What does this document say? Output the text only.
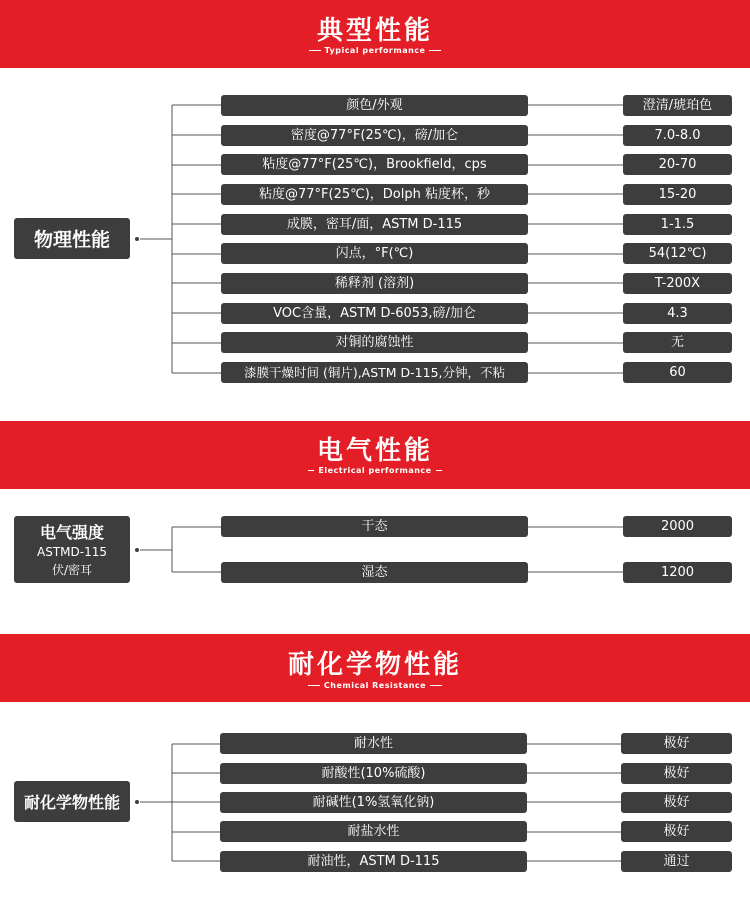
典型性能
Typical performance
物理性能
颜色/外观	澄清/琥珀色
密度@77°F(25℃)，磅/加仑	7.0-8.0
粘度@77°F(25℃)，Brookfield，cps	20-70
粘度@77°F(25℃)，Dolph 粘度杯，秒	15-20
成膜，密耳/面，ASTM D-115	1-1.5
闪点，°F(℃)	54(12℃)
稀释剂 (溶剂)	T-200X
VOC含量，ASTM D-6053,磅/加仑	4.3
对铜的腐蚀性	无
漆膜干燥时间 (铜片),ASTM D-115,分钟，不粘	60
电气性能
Electrical performance
电气强度
ASTMD-115
伏/密耳
干态	2000
湿态	1200
耐化学物性能
Chemical Resistance
耐化学物性能
耐水性	极好
耐酸性(10%硫酸)	极好
耐碱性(1%氢氧化钠)	极好
耐盐水性	极好
耐油性，ASTM D-115	通过
